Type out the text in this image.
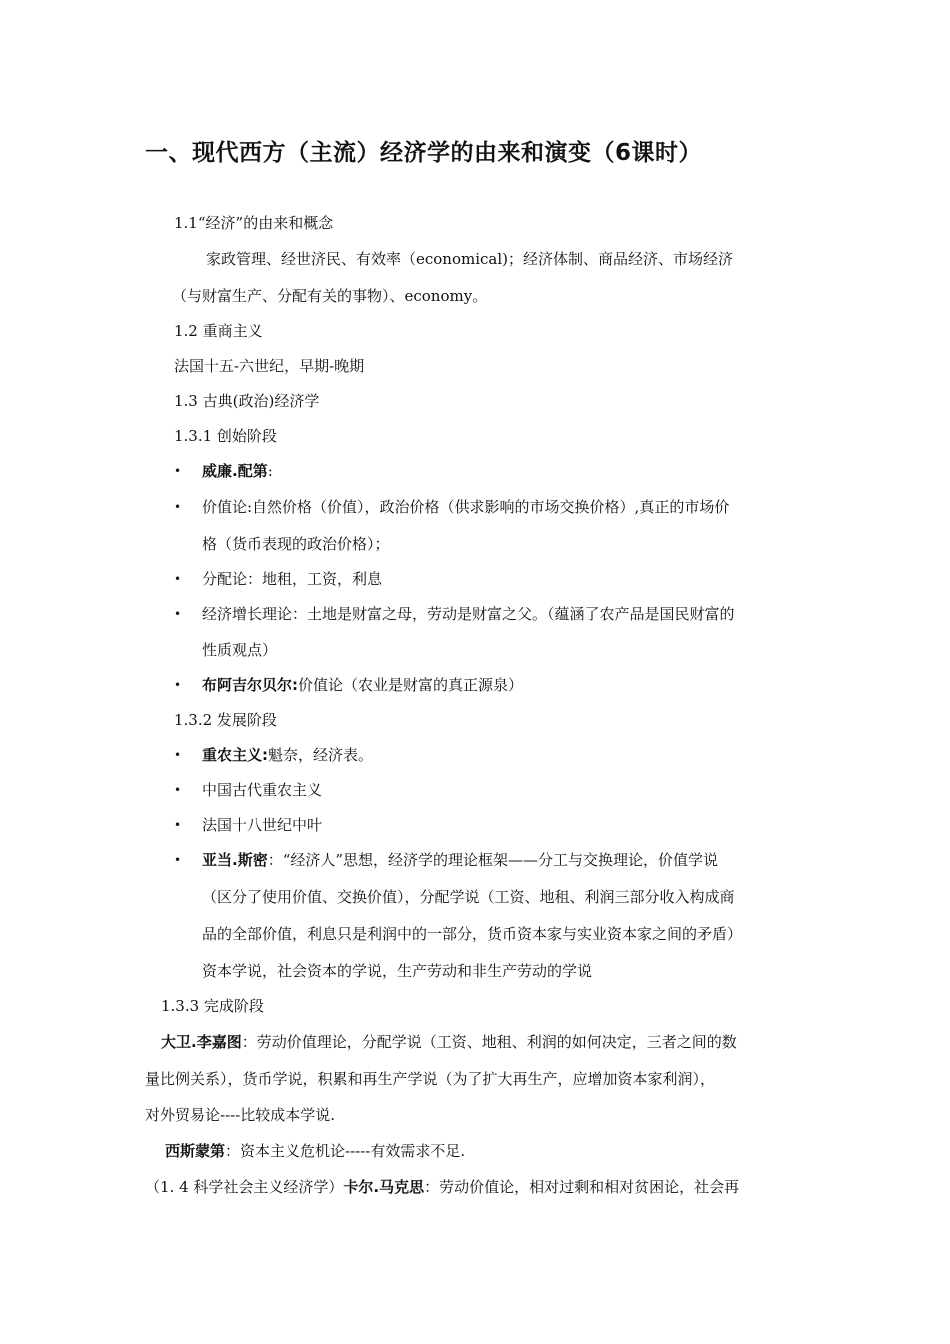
一、现代西方（主流）经济学的由来和演变（6课时）
1.1“经济”的由来和概念
家政管理、经世济民、有效率（economical)；经济体制、商品经济、市场经济
（与财富生产、分配有关的事物）、economy。
1.2 重商主义
法国十五-六世纪，早期-晚期
1.3 古典(政治)经济学
1.3.1 创始阶段
• 威廉.配第:
• 价值论:自然价格（价值），政治价格（供求影响的市场交换价格）,真正的市场价
格（货币表现的政治价格）；
• 分配论：地租，工资，利息
• 经济增长理论：土地是财富之母，劳动是财富之父。（蕴涵了农产品是国民财富的
性质观点）
• 布阿吉尔贝尔:价值论（农业是财富的真正源泉）
1.3.2 发展阶段
• 重农主义:魁奈，经济表。
• 中国古代重农主义
• 法国十八世纪中叶
• 亚当.斯密：“经济人”思想，经济学的理论框架——分工与交换理论，价值学说
（区分了使用价值、交换价值），分配学说（工资、地租、利润三部分收入构成商
品的全部价值，利息只是利润中的一部分，货币资本家与实业资本家之间的矛盾）
资本学说，社会资本的学说，生产劳动和非生产劳动的学说
1.3.3 完成阶段
大卫.李嘉图：劳动价值理论，分配学说（工资、地租、利润的如何决定，三者之间的数
量比例关系），货币学说，积累和再生产学说（为了扩大再生产，应增加资本家利润），
对外贸易论----比较成本学说.
西斯蒙第：资本主义危机论-----有效需求不足.
（1. 4 科学社会主义经济学）卡尔.马克思：劳动价值论，相对过剩和相对贫困论，社会再
